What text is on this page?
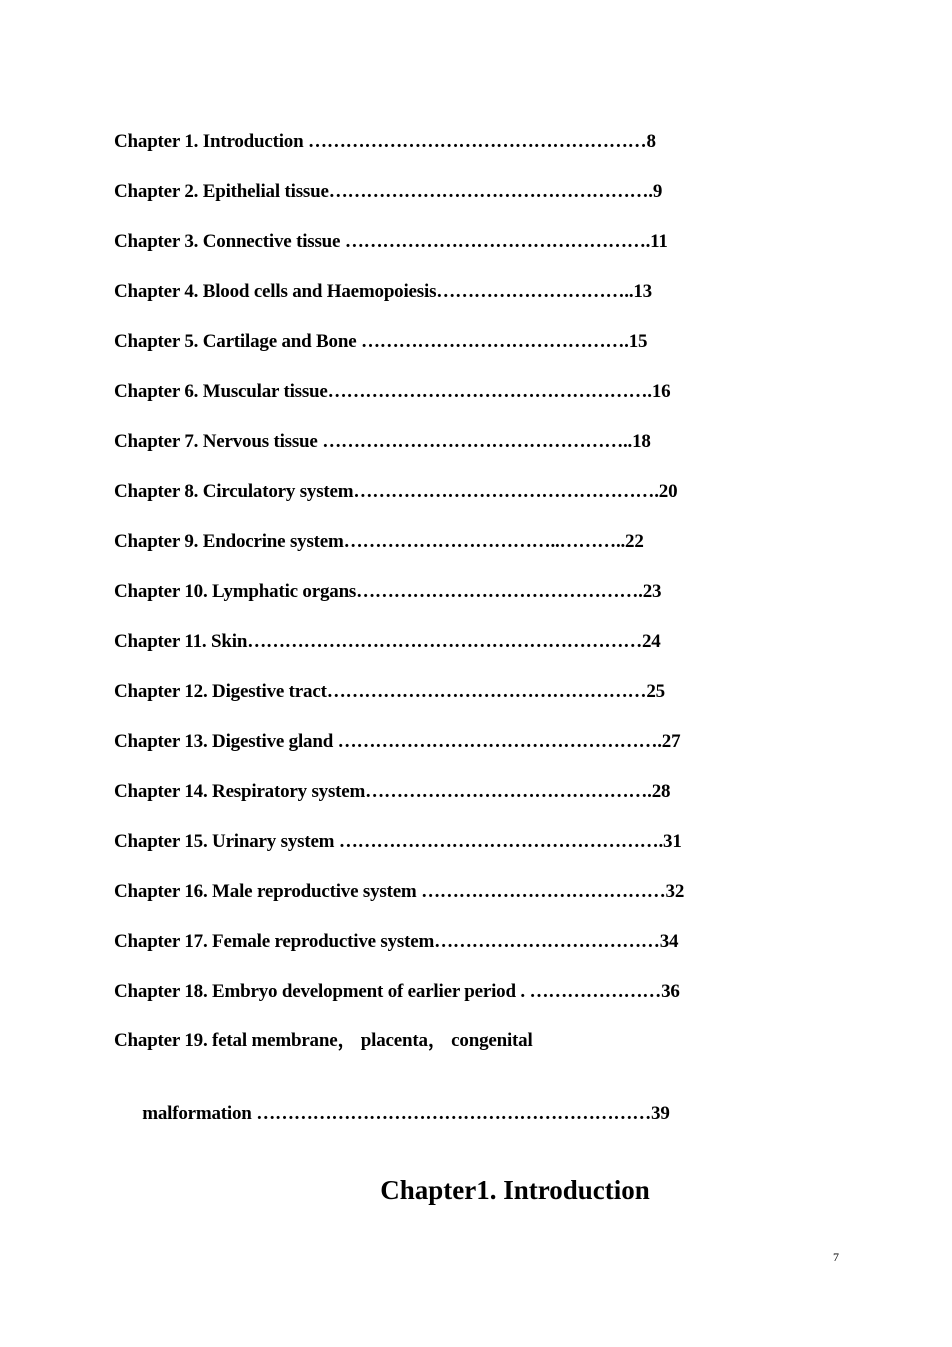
Chapter 1. Introduction ………………………………………………8
Chapter 2. Epithelial tissue…………………………………………….9
Chapter 3. Connective tissue ………………………………………….11
Chapter 4. Blood cells and Haemopoiesis…………………………..13
Chapter 5. Cartilage and Bone …………………………………….15
Chapter 6. Muscular tissue…………………………………………….16
Chapter 7. Nervous tissue …………………………………………..18
Chapter 8. Circulatory system………………………………………….20
Chapter 9. Endocrine system……………………………..………..22
Chapter 10. Lymphatic organs……………………………………….23
Chapter 11. Skin………………………………………………………24
Chapter 12. Digestive tract……………………………………………25
Chapter 13. Digestive gland …………………………………………….27
Chapter 14. Respiratory system……………………………………….28
Chapter 15. Urinary system …………………………………………….31
Chapter 16. Male reproductive system …………………………………32
Chapter 17. Female reproductive system………………………………34
Chapter 18. Embryo development of earlier period . …………………36
Chapter 19. fetal membrane， placenta， congenital

malformation ………………………………………………………39

Chapter1. Introduction
7
